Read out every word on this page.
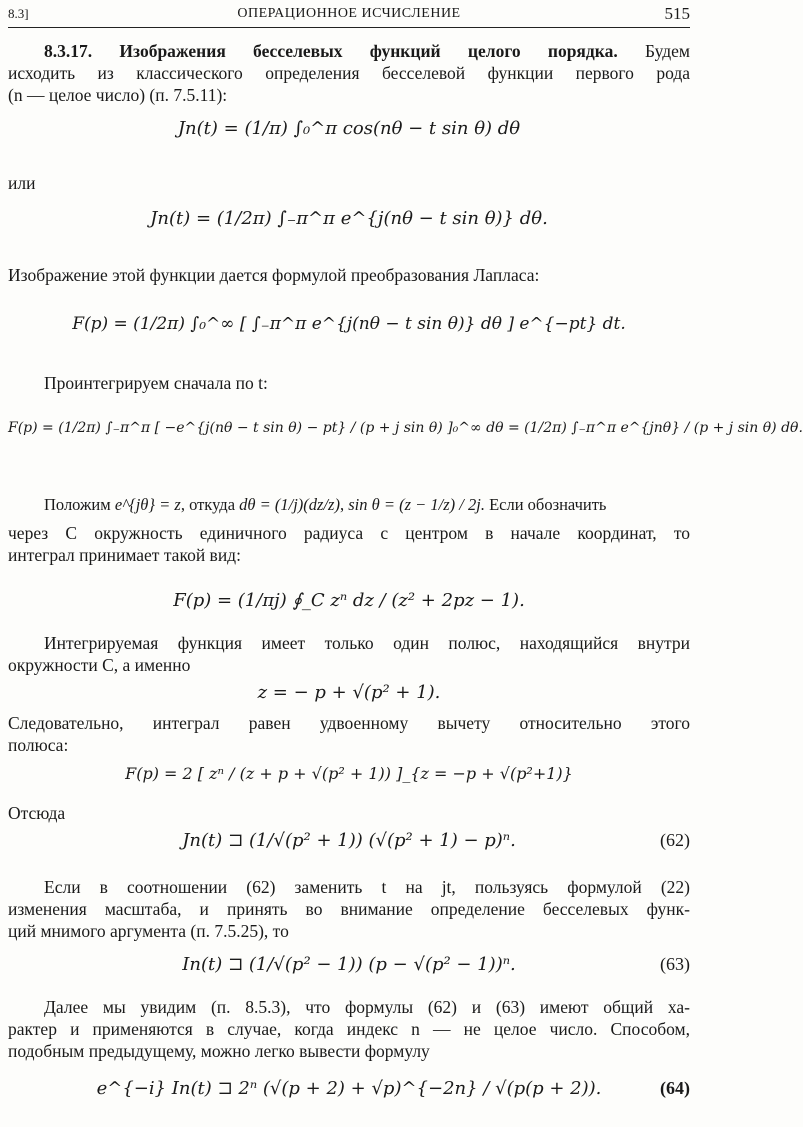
8.3]	ОПЕРАЦИОННОЕ ИСЧИСЛЕНИЕ	515
8.3.17. Изображения бесселевых функций целого порядка. Будем
исходить из классического определения бесселевой функции первого рода
(n — целое число) (п. 7.5.11):
Jn(t) = (1/π) ∫₀^π cos(nθ − t sin θ) dθ
или
Jn(t) = (1/2π) ∫₋π^π e^{j(nθ − t sin θ)} dθ.
Изображение этой функции дается формулой преобразования Лапласа:
F(p) = (1/2π) ∫₀^∞ [ ∫₋π^π e^{j(nθ − t sin θ)} dθ ] e^{−pt} dt.
Проинтегрируем сначала по t:
F(p) = (1/2π) ∫₋π^π [ −e^{j(nθ − t sin θ) − pt} / (p + j sin θ) ]₀^∞ dθ = (1/2π) ∫₋π^π e^{jnθ} / (p + j sin θ) dθ.
Положим e^{jθ} = z, откуда dθ = (1/j)(dz/z), sin θ = (z − 1/z) / 2j. Если обозначить
через C окружность единичного радиуса с центром в начале координат, то
интеграл принимает такой вид:
F(p) = (1/πj) ∮_C zⁿ dz / (z² + 2pz − 1).
Интегрируемая функция имеет только один полюс, находящийся внутри
окружности C, а именно
z = − p + √(p² + 1).
Следовательно, интеграл равен удвоенному вычету относительно этого
полюса:
F(p) = 2 [ zⁿ / (z + p + √(p² + 1)) ]_{z = −p + √(p²+1)}
Отсюда
Jn(t) ⊐ (1/√(p² + 1)) (√(p² + 1) − p)ⁿ.	(62)
Если в соотношении (62) заменить t на jt, пользуясь формулой (22)
изменения масштаба, и принять во внимание определение бесселевых функ-
ций мнимого аргумента (п. 7.5.25), то
In(t) ⊐ (1/√(p² − 1)) (p − √(p² − 1))ⁿ.	(63)
Далее мы увидим (п. 8.5.3), что формулы (62) и (63) имеют общий ха-
рактер и применяются в случае, когда индекс n — не целое число. Способом,
подобным предыдущему, можно легко вывести формулу
e^{−i} In(t) ⊐ 2ⁿ (√(p + 2) + √p)^{−2n} / √(p(p + 2)).	(64)
